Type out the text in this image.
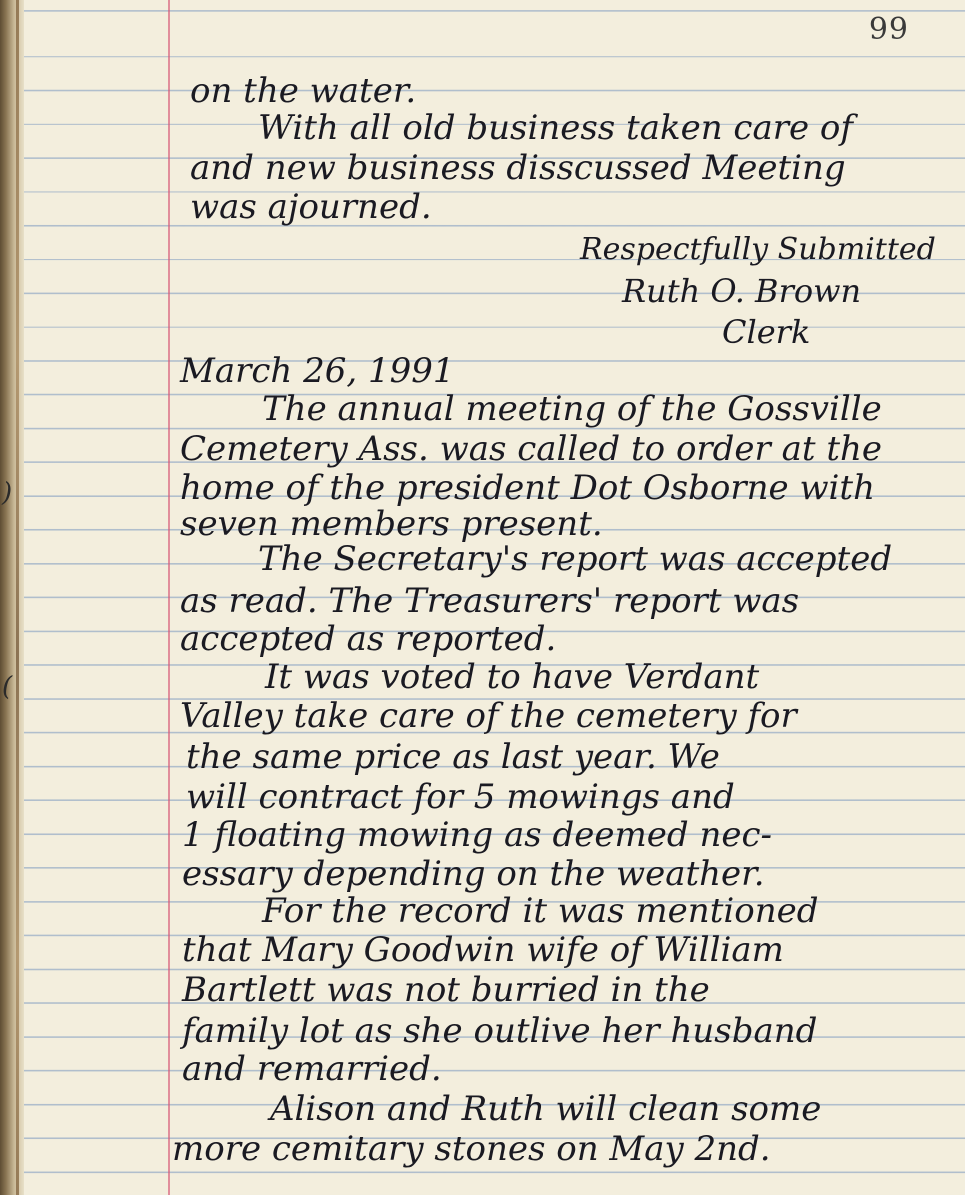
99
)
(
on the water.
With all old business taken care of
and new business disscussed Meeting
was ajourned.
Respectfully Submitted
Ruth O. Brown
Clerk
March 26, 1991
The annual meeting of the Gossville
Cemetery Ass. was called to order at the
home of the president Dot Osborne with
seven members present.
The Secretary's report was accepted
as read. The Treasurers' report was
accepted as reported.
It was voted to have Verdant
Valley take care of the cemetery for
the same price as last year. We
will contract for 5 mowings and
1 floating mowing as deemed nec-
essary depending on the weather.
For the record it was mentioned
that Mary Goodwin wife of William
Bartlett was not burried in the
family lot as she outlive her husband
and remarried.
Alison and Ruth will clean some
more cemitary stones on May 2nd.
